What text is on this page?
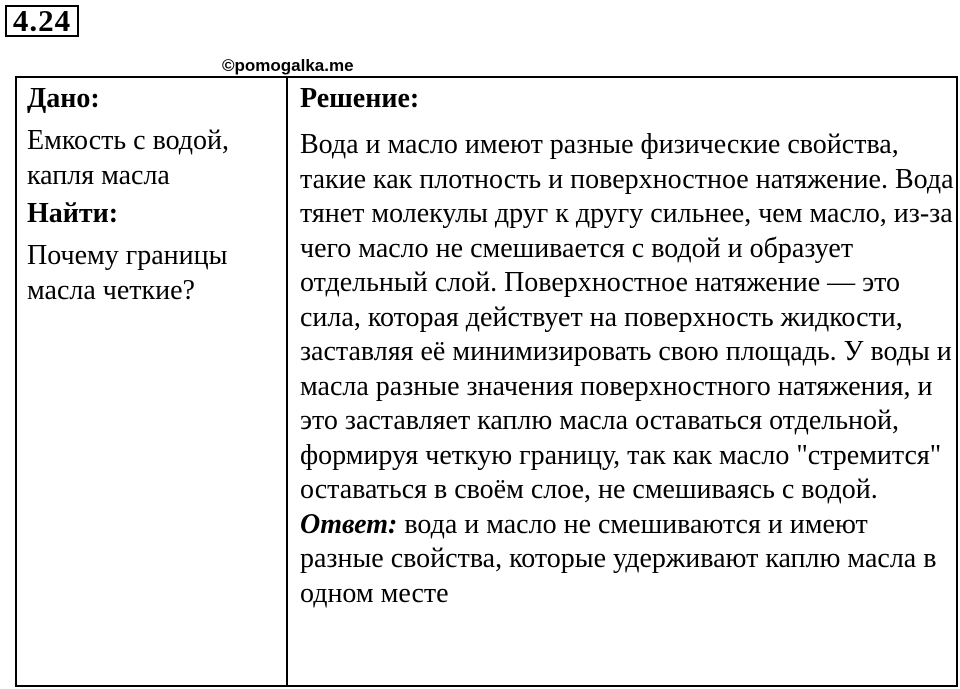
4.24
©pomogalka.me

Дано:

Емкость с водой, капля масла

Найти:

Почему границы масла четкие?

Решение:

Вода и масло имеют разные физические свойства, такие как плотность и поверхностное натяжение. Вода тянет молекулы друг к другу сильнее, чем масло, из-за чего масло не смешивается с водой и образует отдельный слой. Поверхностное натяжение — это сила, которая действует на поверхность жидкости, заставляя её минимизировать свою площадь. У воды и масла разные значения поверхностного натяжения, и это заставляет каплю масла оставаться отдельной, формируя четкую границу, так как масло "стремится" оставаться в своём слое, не смешиваясь с водой.

Ответ: вода и масло не смешиваются и имеют разные свойства, которые удерживают каплю масла в одном месте
